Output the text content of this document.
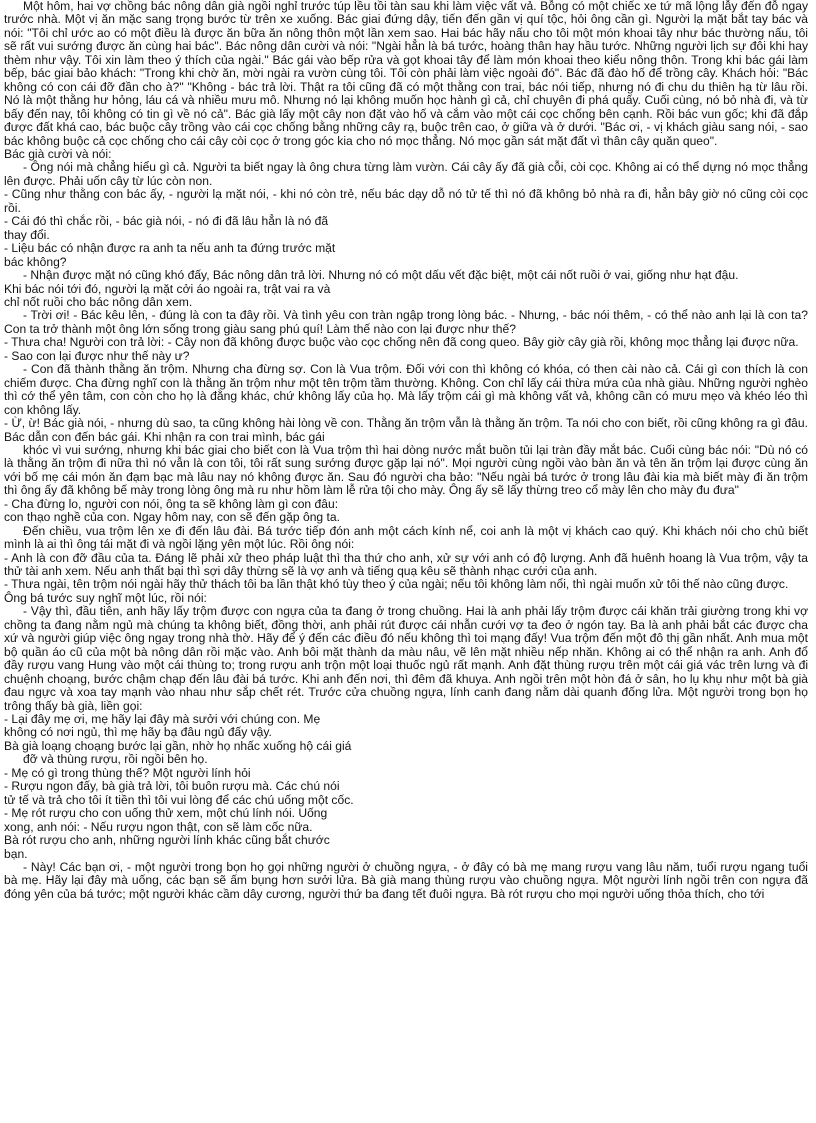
Một hôm, hai vợ chồng bác nông dân già ngồi nghỉ trước túp lều tồi tàn sau khi làm việc vất vả. Bỗng có một chiếc xe tứ mã lộng lẫy đến đỗ ngay trước nhà. Một vị ăn mặc sang trọng bước từ trên xe xuống. Bác giai đứng dậy, tiến đến gần vị quí tộc, hỏi ông cần gì. Người lạ mặt bắt tay bác và nói: "Tôi chỉ ước ao có một điều là được ăn bữa ăn nông thôn một lần xem sao. Hai bác hãy nấu cho tôi một món khoai tây như bác thường nấu, tôi sẽ rất vui sướng được ăn cùng hai bác". Bác nông dân cười và nói: "Ngài hẳn là bá tước, hoàng thân hay hầu tước. Những người lịch sự đôi khi hay thèm như vậy. Tôi xin làm theo ý thích của ngài." Bác gái vào bếp rửa và gọt khoai tây để làm món khoai theo kiểu nông thôn. Trong khi bác gái làm bếp, bác giai bảo khách: "Trong khi chờ ăn, mời ngài ra vườn cùng tôi. Tôi còn phải làm việc ngoài đó". Bác đã đào hố để trồng cây. Khách hỏi: "Bác không có con cái đỡ đần cho à?" "Không - bác trả lời. Thật ra tôi cũng đã có một thằng con trai, bác nói tiếp, nhưng nó đi chu du thiên hạ từ lâu rồi. Nó là một thằng hư hỏng, láu cá và nhiều mưu mô. Nhưng nó lại không muốn học hành gì cả, chỉ chuyên đi phá quấy. Cuối cùng, nó bỏ nhà đi, và từ bấy đến nay, tôi không có tin gì về nó cả". Bác già lấy một cây non đặt vào hố và cắm vào một cái cọc chống bên cạnh. Rồi bác vun gốc; khi đã đắp được đất khá cao, bác buộc cây trồng vào cái cọc chống bằng những cây rạ, buộc trên cao, ở giữa và ở dưới. "Bác ơi, - vị khách giàu sang nói, - sao bác không buộc cả cọc chống cho cái cây còi cọc ở trong góc kia cho nó mọc thẳng. Nó mọc gần sát mặt đất vì thân cây quăn queo".

Bác già cười và nói:

- Ông nói mà chẳng hiểu gì cả. Người ta biết ngay là ông chưa từng làm vườn. Cái cây ấy đã già cỗi, còi cọc. Không ai có thể dựng nó mọc thẳng lên được. Phải uốn cây từ lúc còn non.

- Cũng như thằng con bác ấy, - người lạ mặt nói, - khi nó còn trẻ, nếu bác dạy dỗ nó tử tế thì nó đã không bỏ nhà ra đi, hẳn bây giờ nó cũng còi cọc rồi.

- Cái đó thì chắc rồi, - bác già nói, - nó đi đã lâu hẳn là nó đã

thay đổi.

- Liệu bác có nhận được ra anh ta nếu anh ta đứng trước mặt

bác không?

- Nhận được mặt nó cũng khó đấy, Bác nông dân trả lời. Nhưng nó có một dấu vết đặc biệt, một cái nốt ruồi ở vai, giống như hạt đậu.

Khi bác nói tới đó, người lạ mặt cởi áo ngoài ra, trật vai ra và

chỉ nốt ruồi cho bác nông dân xem.

- Trời ơi! - Bác kêu lên, - đúng là con ta đây rồi. Và tình yêu con tràn ngập trong lòng bác. - Nhưng, - bác nói thêm, - có thể nào anh lại là con ta? Con ta trở thành một ông lớn sống trong giàu sang phú quí! Làm thế nào con lại được như thế?

- Thưa cha! Người con trả lời: - Cây non đã không được buộc vào cọc chống nên đã cong queo. Bây giờ cây già rồi, không mọc thẳng lại được nữa.

- Sao con lại được như thế này ư?

- Con đã thành thằng ăn trộm. Nhưng cha đừng sợ. Con là Vua trộm. Đối với con thì không có khóa, có then cài nào cả. Cái gì con thích là con chiếm được. Cha đừng nghĩ con là thằng ăn trộm như một tên trộm tầm thường. Không. Con chỉ lấy cái thừa mứa của nhà giàu. Những người nghèo thì cớ thể yên tâm, con còn cho họ là đằng khác, chứ không lấy của họ. Mà lấy trộm cái gì mà không vất vả, không cần có mưu mẹo và khéo léo thì con không lấy.

- Ừ, ừ! Bác già nói, - nhưng dù sao, ta cũng không hài lòng về con. Thằng ăn trộm vẫn là thằng ăn trộm. Ta nói cho con biết, rồi cũng không ra gì đâu. Bác dẫn con đến bác gái. Khi nhận ra con trai mình, bác gái

khóc vì vui sướng, nhưng khi bác giai cho biết con là Vua trộm thì hai dòng nước mắt buồn tủi lại tràn đầy mắt bác. Cuối cùng bác nói: "Dù nó có là thằng ăn trộm đi nữa thì nó vẫn là con tôi, tôi rất sung sướng được gặp lại nó". Mọi người cùng ngồi vào bàn ăn và tên ăn trộm lại được cùng ăn với bố mẹ cái món ăn đạm bạc mà lâu nay nó không được ăn. Sau đó người cha bảo: "Nếu ngài bá tước ở trong lâu đài kia mà biết mày đi ăn trộm thì ông ấy đã không bế mày trong lòng ông mà ru như hồm làm lễ rửa tội cho mày. Ông ấy sẽ lấy thừng treo cổ mày lên cho mày đu đưa"

- Cha đừng lo, người con nói, ông ta sẽ không làm gì con đâu:

con thạo nghề của con. Ngay hôm nay, con sẽ đến gặp ông ta.

Đến chiều, vua trộm lên xe đi đến lâu đài. Bá tước tiếp đón anh một cách kính nể, coi anh là một vị khách cao quý. Khi khách nói cho chủ biết mình là ai thì ông tái mặt đi và ngồi lặng yên một lúc. Rồi ông nói:

- Anh là con đỡ đầu của ta. Đáng lẽ phải xử theo pháp luật thì tha thứ cho anh, xử sự với anh có độ lượng. Anh đã huênh hoang là Vua trộm, vậy ta thử tài anh xem. Nếu anh thất bại thì sợi dây thừng sẽ là vợ anh và tiếng quạ kêu sẽ thành nhạc cưới của anh.

- Thưa ngài, tên trộm nói ngài hãy thử thách tôi ba lần thật khó tùy theo ý của ngài; nếu tôi không làm nổi, thì ngài muốn xử tôi thế nào cũng được.

Ông bá tước suy nghĩ một lúc, rồi nói:

- Vậy thì, đầu tiên, anh hãy lấy trộm được con ngựa của ta đang ở trong chuồng. Hai là anh phải lấy trộm được cái khăn trải giường trong khi vợ chồng ta đang nằm ngủ mà chúng ta không biết, đồng thời, anh phải rút được cái nhẫn cưới vợ ta đeo ở ngón tay. Ba là anh phải bắt các được cha xứ và người giúp việc ông ngay trong nhà thờ. Hãy để ý đến các điều đó nếu không thì toi mạng đấy! Vua trộm đến một đô thị gần nhất. Anh mua một bộ quần áo cũ của một bà nông dân rồi mặc vào. Anh bôi mặt thành da màu nâu, vẽ lên mặt nhiều nếp nhăn. Không ai có thể nhận ra anh. Anh đổ đầy rượu vang Hung vào một cái thùng to; trong rượu anh trộn một loại thuốc ngủ rất mạnh. Anh đặt thùng rượu trên một cái giá vác trên lưng và đi chuệnh choạng, bước chậm chạp đến lâu đài bá tước. Khi anh đến nơi, thì đêm đã khuya. Anh ngồi trên một hòn đá ở sân, ho lụ khụ như một bà già đau ngực và xoa tay mạnh vào nhau như sắp chết rét. Trước cửa chuồng ngựa, lính canh đang nằm dài quanh đống lửa. Một người trong bọn họ trông thấy bà già, liền gọi:

- Lại đây mẹ ơi, mẹ hãy lại đây mà sưởi với chúng con. Mẹ

không có nơi ngủ, thì mẹ hãy bạ đâu ngủ đấy vậy.

Bà già loạng choạng bước lại gần, nhờ họ nhấc xuống hộ cái giá

đỡ và thùng rượu, rồi ngồi bên họ.

- Mẹ có gì trong thùng thế? Một người lính hỏi

- Rượu ngon đấy, bà già trả lời, tôi buôn rượu mà. Các chú nói

tử tế và trả cho tôi ít tiền thì tôi vui lòng để các chú uống một cốc.

- Mẹ rót rượu cho con uống thử xem, một chú lính nói. Uống

xong, anh nói: - Nếu rượu ngon thật, con sẽ làm cốc nữa.

Bà rót rượu cho anh, những người lính khác cũng bắt chước

bạn.

- Này! Các bạn ơi, - một người trong bọn họ gọi những người ở chuồng ngựa, - ở đây có bà mẹ mang rượu vang lâu năm, tuổi rượu ngang tuổi bà mẹ. Hãy lại đây mà uống, các bạn sẽ ấm bụng hơn sưởi lửa. Bà già mang thùng rượu vào chuồng ngựa. Một người lính ngồi trên con ngựa đã đóng yên của bá tước; một người khác cầm dây cương, người thứ ba đang tết đuôi ngựa. Bà rót rượu cho mọi người uống thỏa thích, cho tới
